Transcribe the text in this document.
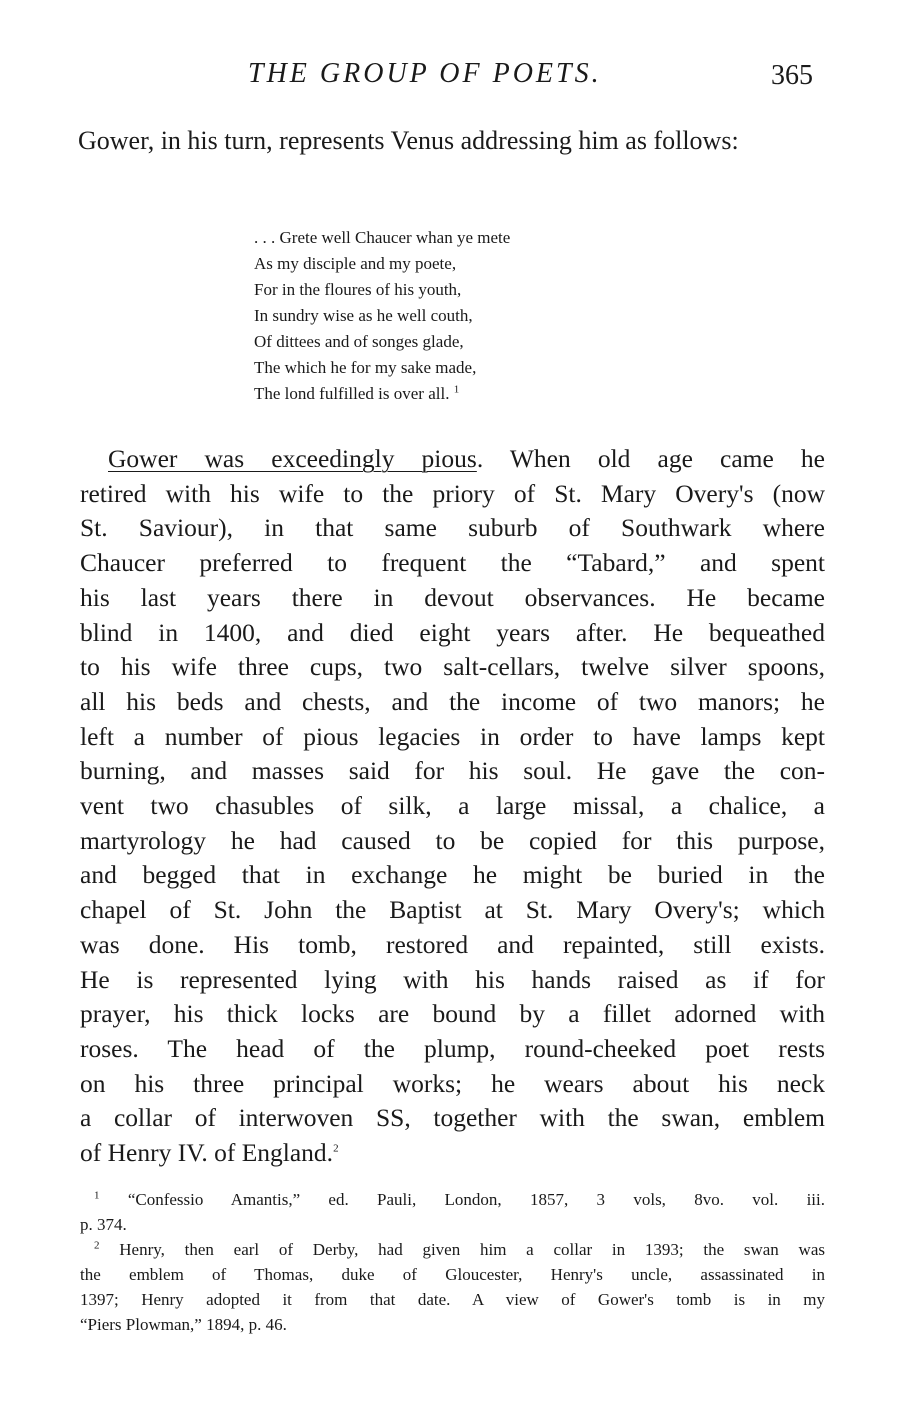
THE GROUP OF POETS.	365

Gower, in his turn, represents Venus addressing him as follows:

. . . Grete well Chaucer whan ye mete
As my disciple and my poete,
For in the floures of his youth,
In sundry wise as he well couth,
Of dittees and of songes glade,
The which he for my sake made,
The lond fulfilled is over all. $^1$
Gower was exceedingly pious. When old age came he
retired with his wife to the priory of St. Mary Overy's (now
St. Saviour), in that same suburb of Southwark where
Chaucer preferred to frequent the “Tabard,” and spent
his last years there in devout observances. He became
blind in 1400, and died eight years after. He bequeathed
to his wife three cups, two salt-cellars, twelve silver spoons,
all his beds and chests, and the income of two manors; he
left a number of pious legacies in order to have lamps kept
burning, and masses said for his soul. He gave the con-
vent two chasubles of silk, a large missal, a chalice, a
martyrology he had caused to be copied for this purpose,
and begged that in exchange he might be buried in the
chapel of St. John the Baptist at St. Mary Overy's; which
was done. His tomb, restored and repainted, still exists.
He is represented lying with his hands raised as if for
prayer, his thick locks are bound by a fillet adorned with
roses. The head of the plump, round-cheeked poet rests
on his three principal works; he wears about his neck
a collar of interwoven SS, together with the swan, emblem
of Henry IV. of England.$^2$
$^1$ “Confessio Amantis,” ed. Pauli, London, 1857, 3 vols, 8vo. vol. iii.
p. 374.
$^2$ Henry, then earl of Derby, had given him a collar in 1393; the swan was
the emblem of Thomas, duke of Gloucester, Henry's uncle, assassinated in
1397; Henry adopted it from that date. A view of Gower's tomb is in my
“Piers Plowman,” 1894, p. 46.
